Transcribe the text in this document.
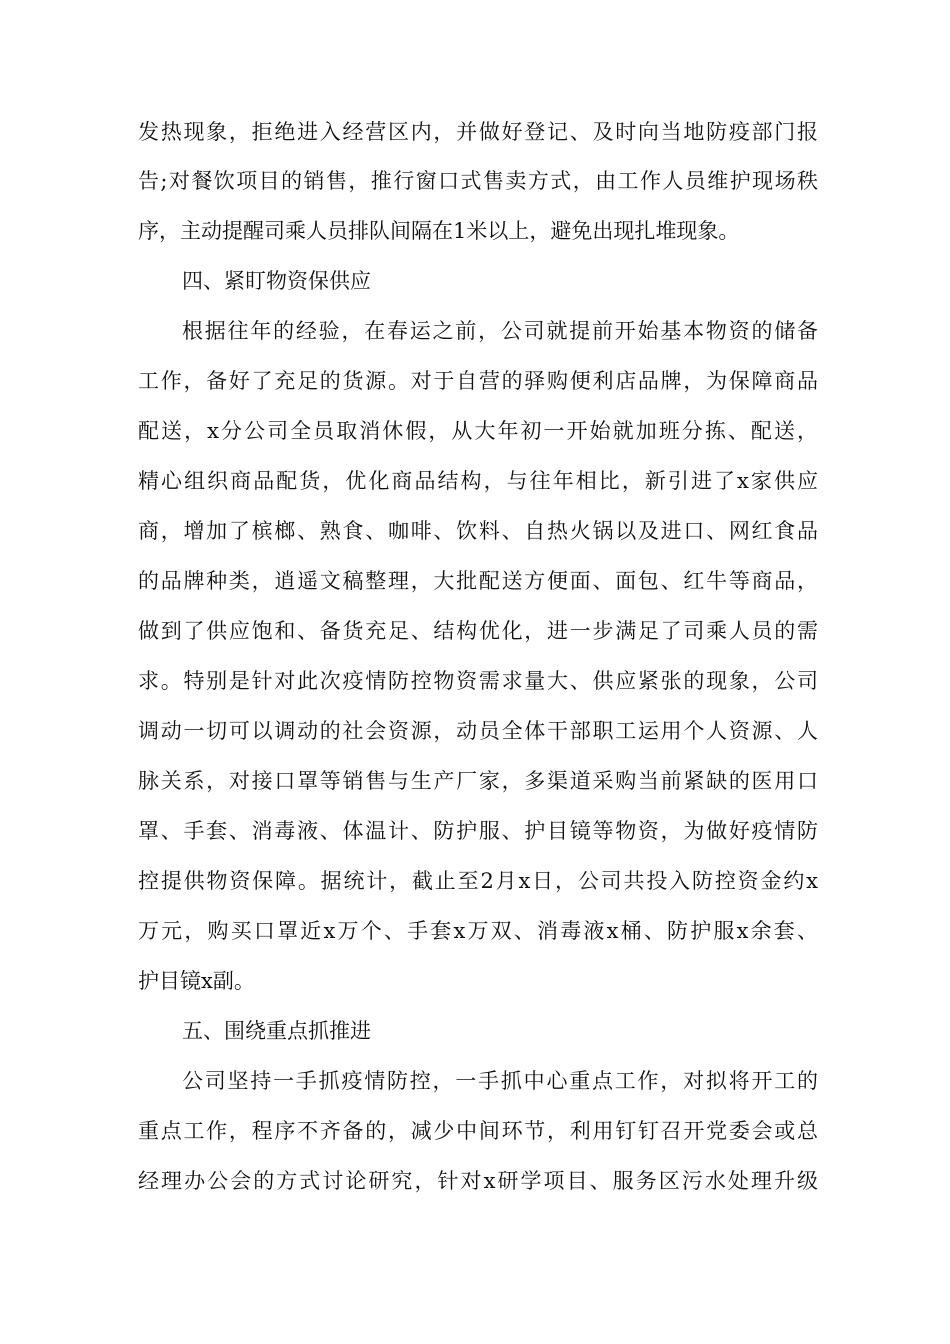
发热现象，拒绝进入经营区内，并做好登记、及时向当地防疫部门报
告;对餐饮项目的销售，推行窗口式售卖方式，由工作人员维护现场秩
序，主动提醒司乘人员排队间隔在1米以上，避免出现扎堆现象。
四、紧盯物资保供应
根据往年的经验，在春运之前，公司就提前开始基本物资的储备
工作，备好了充足的货源。对于自营的驿购便利店品牌，为保障商品
配送，x分公司全员取消休假，从大年初一开始就加班分拣、配送，
精心组织商品配货，优化商品结构，与往年相比，新引进了x家供应
商，增加了槟榔、熟食、咖啡、饮料、自热火锅以及进口、网红食品
的品牌种类，逍遥文稿整理，大批配送方便面、面包、红牛等商品，
做到了供应饱和、备货充足、结构优化，进一步满足了司乘人员的需
求。特别是针对此次疫情防控物资需求量大、供应紧张的现象，公司
调动一切可以调动的社会资源，动员全体干部职工运用个人资源、人
脉关系，对接口罩等销售与生产厂家，多渠道采购当前紧缺的医用口
罩、手套、消毒液、体温计、防护服、护目镜等物资，为做好疫情防
控提供物资保障。据统计，截止至2月x日，公司共投入防控资金约x
万元，购买口罩近x万个、手套x万双、消毒液x桶、防护服x余套、
护目镜x副。
五、围绕重点抓推进
公司坚持一手抓疫情防控，一手抓中心重点工作，对拟将开工的
重点工作，程序不齐备的，减少中间环节，利用钉钉召开党委会或总
经理办公会的方式讨论研究，针对x研学项目、服务区污水处理升级
